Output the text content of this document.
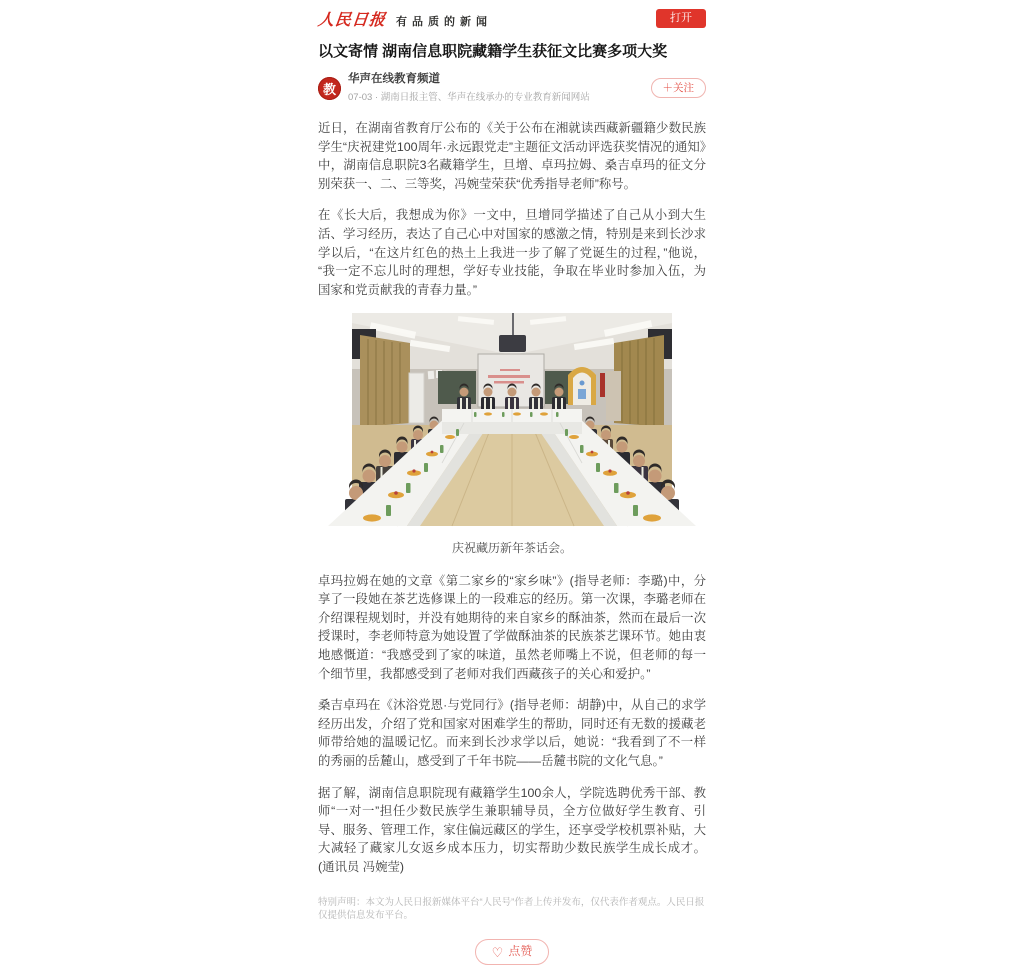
人民日报 有品质的新闻	打开
以文寄情 湖南信息职院藏籍学生获征文比赛多项大奖
教
华声在线教育频道
07-03 · 湖南日报主管、华声在线承办的专业教育新闻网站
＋关注

近日，在湖南省教育厅公布的《关于公布在湘就读西藏新疆籍少数民族学生“庆祝建党100周年·永远跟党走”主题征文活动评选获奖情况的通知》中，湖南信息职院3名藏籍学生，旦增、卓玛拉姆、桑吉卓玛的征文分别荣获一、二、三等奖，冯婉莹荣获“优秀指导老师”称号。

在《长大后，我想成为你》一文中，旦增同学描述了自己从小到大生活、学习经历，表达了自己心中对国家的感激之情，特别是来到长沙求学以后，“在这片红色的热土上我进一步了解了党诞生的过程，”他说，“我一定不忘儿时的理想，学好专业技能，争取在毕业时参加入伍，为国家和党贡献我的青春力量。”

庆祝藏历新年茶话会。

卓玛拉姆在她的文章《第二家乡的“家乡味”》(指导老师：李璐)中，分享了一段她在茶艺选修课上的一段难忘的经历。第一次课，李璐老师在介绍课程规划时，并没有她期待的来自家乡的酥油茶，然而在最后一次授课时，李老师特意为她设置了学做酥油茶的民族茶艺课环节。她由衷地感慨道：“我感受到了家的味道，虽然老师嘴上不说，但老师的每一个细节里，我都感受到了老师对我们西藏孩子的关心和爱护。”

桑吉卓玛在《沐浴党恩·与党同行》(指导老师：胡静)中，从自己的求学经历出发，介绍了党和国家对困难学生的帮助，同时还有无数的援藏老师带给她的温暖记忆。而来到长沙求学以后，她说：“我看到了不一样的秀丽的岳麓山，感受到了千年书院——岳麓书院的文化气息。”

据了解，湖南信息职院现有藏籍学生100余人，学院选聘优秀干部、教师“一对一”担任少数民族学生兼职辅导员，全方位做好学生教育、引导、服务、管理工作，家住偏远藏区的学生，还享受学校机票补贴，大大减轻了藏家儿女返乡成本压力，切实帮助少数民族学生成长成才。(通讯员 冯婉莹)

特别声明：本文为人民日报新媒体平台“人民号”作者上传并发布，仅代表作者观点。人民日报仅提供信息发布平台。
♡ 点赞
